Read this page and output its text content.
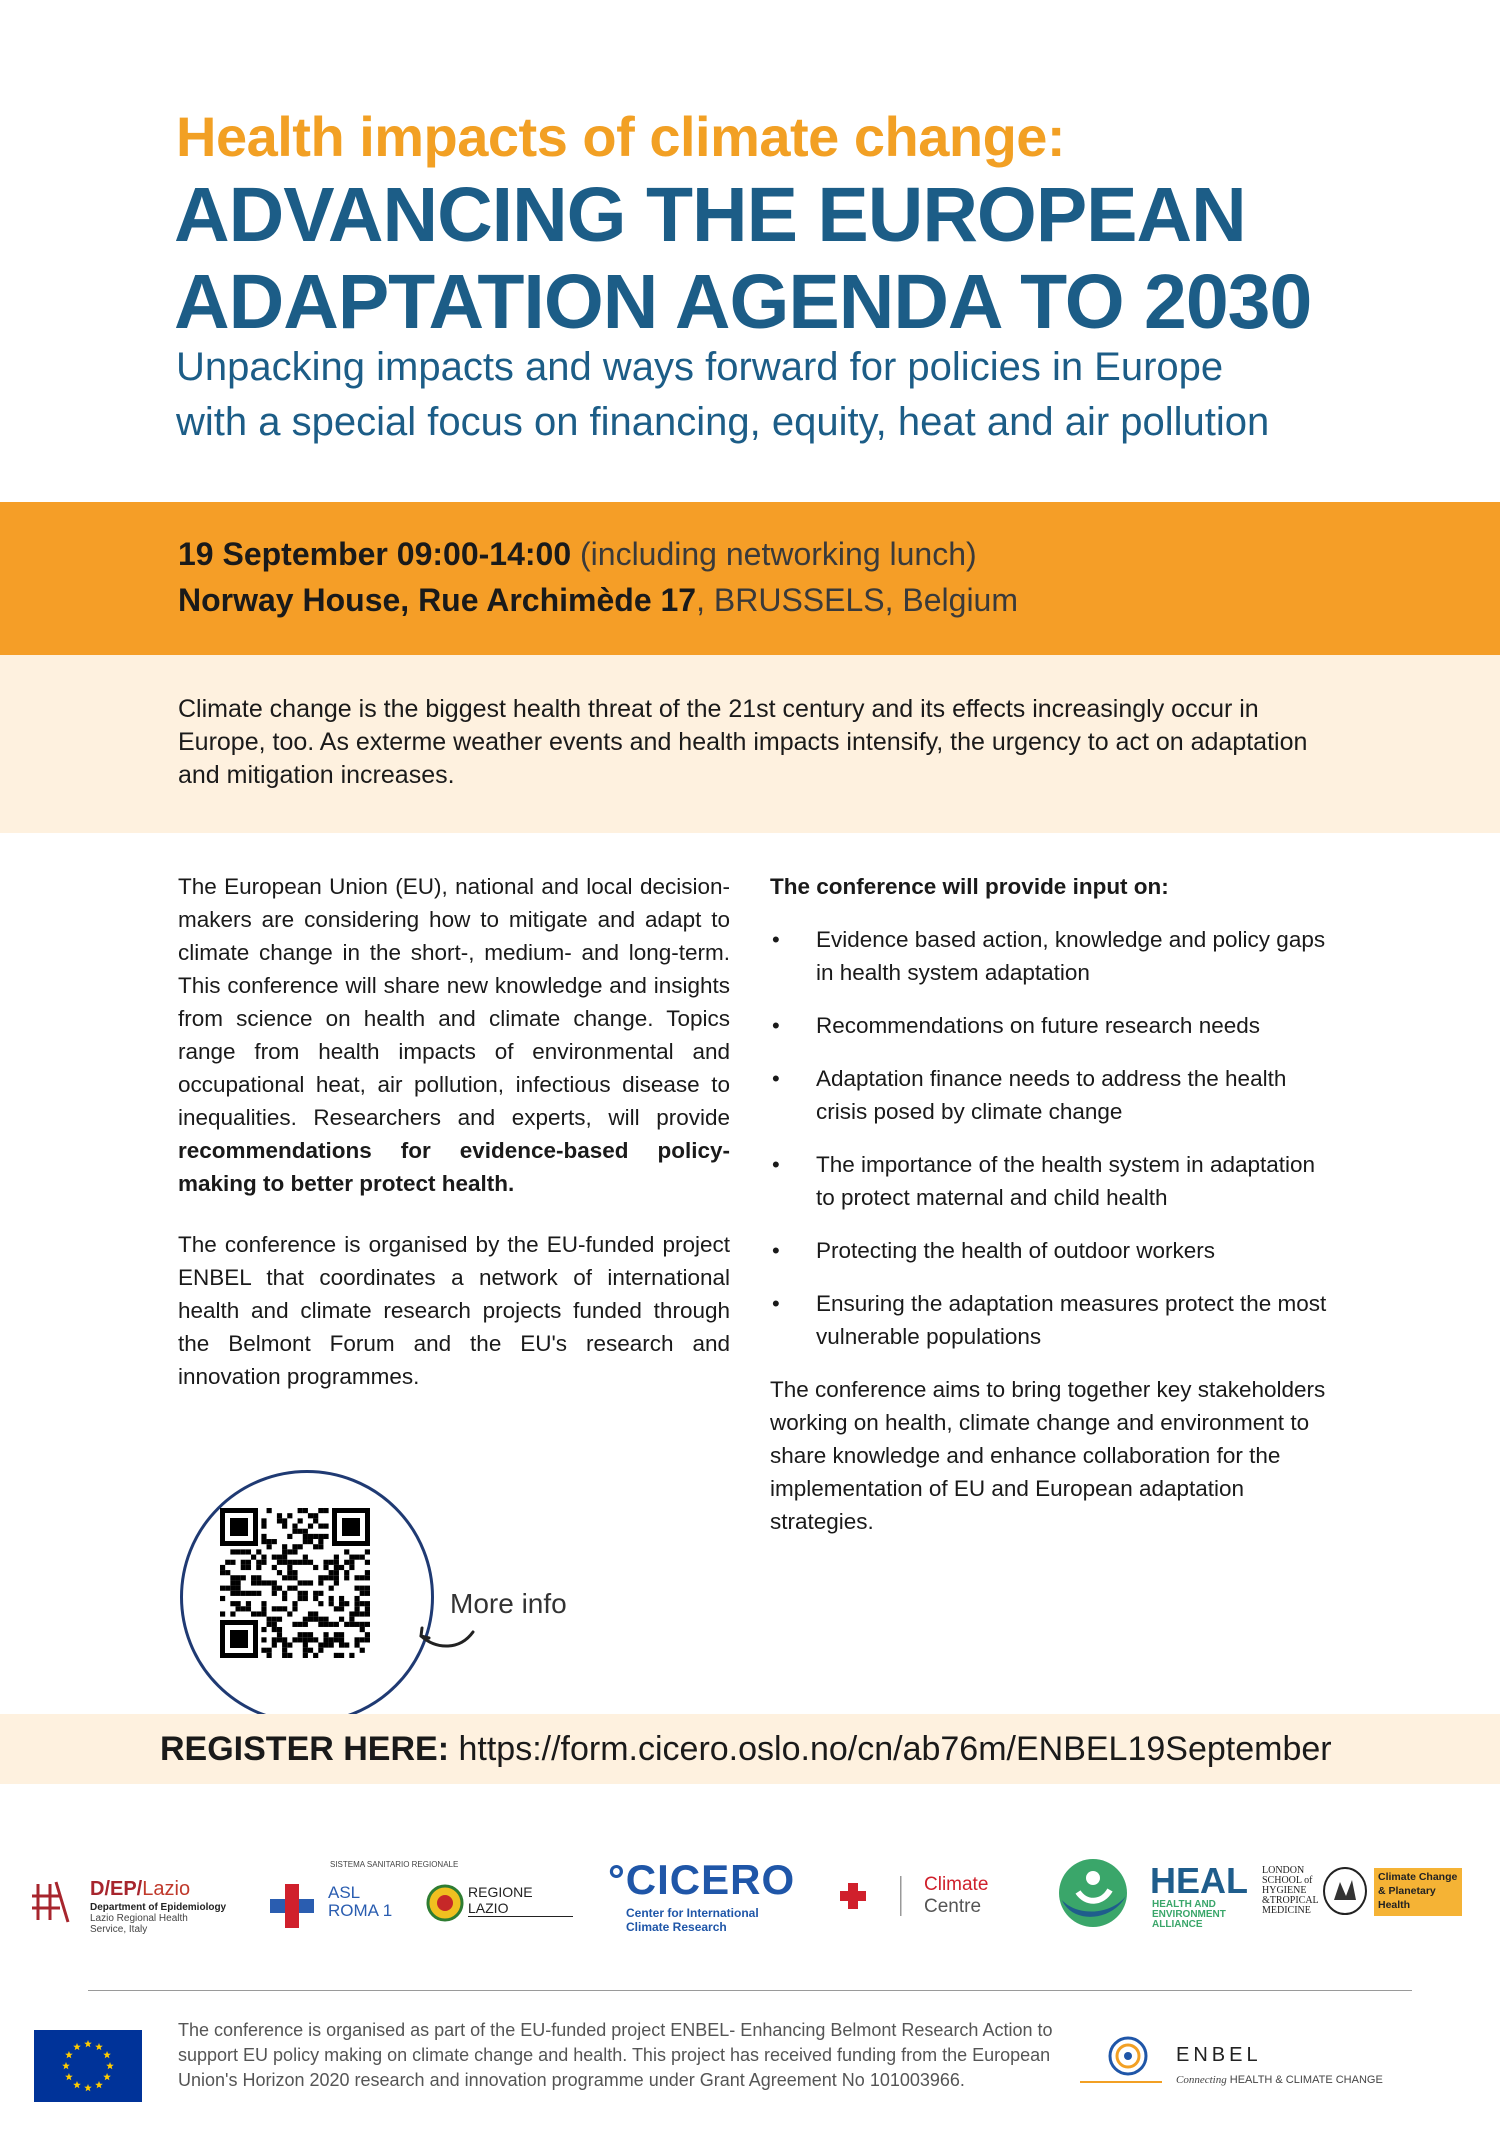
Health impacts of climate change:
ADVANCING THE EUROPEAN
ADAPTATION AGENDA TO 2030
Unpacking impacts and ways forward for policies in Europe
with a special focus on financing, equity, heat and air pollution
19 September 09:00-14:00 (including networking lunch)
Norway House, Rue Archimède 17, BRUSSELS, Belgium
Climate change is the biggest health threat of the 21st century and its effects increasingly occur in Europe, too. As exterme weather events and health impacts intensify, the urgency to act on adaptation and mitigation increases.

The European Union (EU), national and local decision-makers are considering how to mitigate and adapt to climate change in the short-, medium- and long-term. This conference will share new knowledge and insights from science on health and climate change. Topics range from health impacts of environmental and occupational heat, air pollution, infectious disease to inequalities. Researchers and experts, will provide recommendations for evidence-based policy-making to better protect health.

The conference is organised by the EU-funded project ENBEL that coordinates a network of international health and climate research projects funded through the Belmont Forum and the EU's research and innovation programmes.

The conference will provide input on:
• Evidence based action, knowledge and policy gaps in health system adaptation
• Recommendations on future research needs
• Adaptation finance needs to address the health crisis posed by climate change
• The importance of the health system in adaptation to protect maternal and child health
• Protecting the health of outdoor workers
• Ensuring the adaptation measures protect the most vulnerable populations

The conference aims to bring together key stakeholders working on health, climate change and environment to share knowledge and enhance collaboration for the implementation of EU and European adaptation strategies.

More info
REGISTER HERE: https://form.cicero.oslo.no/cn/ab76m/ENBEL19September
D/EP/Lazio
Department of Epidemiology
Lazio Regional Health
Service, Italy
SISTEMA SANITARIO REGIONALE
ASL
ROMA 1
REGIONE
LAZIO
°CICERO
Center for International
Climate Research
Climate
Centre
HEAL
HEALTH AND
ENVIRONMENT
ALLIANCE
LONDON
SCHOOL of
HYGIENE
&TROPICAL
MEDICINE
Climate Change
& Planetary
Health
The conference is organised as part of the EU-funded project ENBEL- Enhancing Belmont Research Action to support EU policy making on climate change and health. This project has received funding from the European Union's Horizon 2020 research and innovation programme under Grant Agreement No 101003966.
ENBEL
Connecting HEALTH & CLIMATE CHANGE
